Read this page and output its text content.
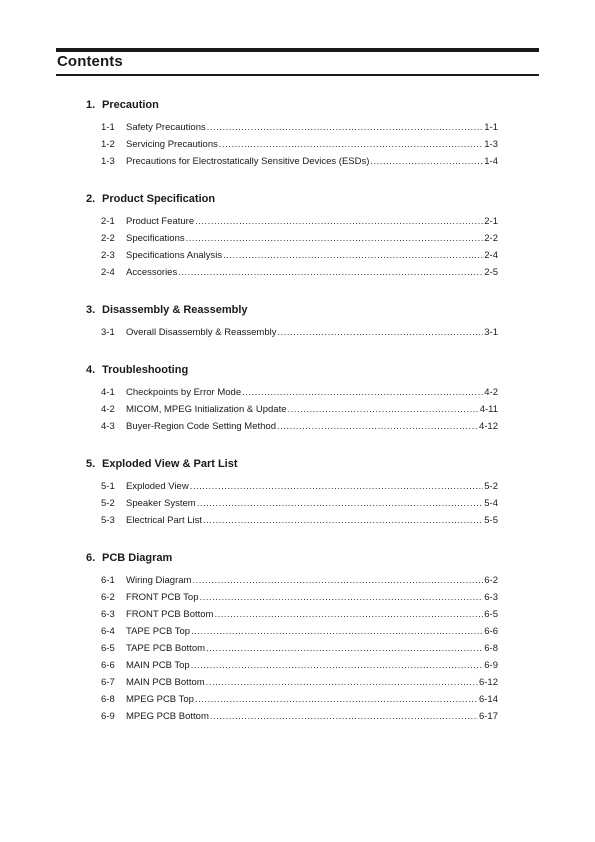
Contents
1. Precaution
1-1	Safety Precautions .....	1-1
1-2	Servicing Precautions .....	1-3
1-3	Precautions for Electrostatically Sensitive Devices (ESDs) .....	1-4
2. Product Specification
2-1	Product Feature .....	2-1
2-2	Specifications .....	2-2
2-3	Specifications Analysis .....	2-4
2-4	Accessories .....	2-5
3. Disassembly & Reassembly
3-1	Overall Disassembly & Reassembly .....	3-1
4. Troubleshooting
4-1	Checkpoints by Error Mode .....	4-2
4-2	MICOM, MPEG Initialization & Update .....	4-11
4-3	Buyer-Region Code Setting Method .....	4-12
5. Exploded View & Part List
5-1	Exploded View .....	5-2
5-2	Speaker System .....	5-4
5-3	Electrical Part List .....	5-5
6. PCB Diagram
6-1	Wiring Diagram .....	6-2
6-2	FRONT PCB Top .....	6-3
6-3	FRONT PCB Bottom .....	6-5
6-4	TAPE PCB Top .....	6-6
6-5	TAPE PCB Bottom .....	6-8
6-6	MAIN PCB Top .....	6-9
6-7	MAIN PCB Bottom .....	6-12
6-8	MPEG PCB Top .....	6-14
6-9	MPEG PCB Bottom .....	6-17
